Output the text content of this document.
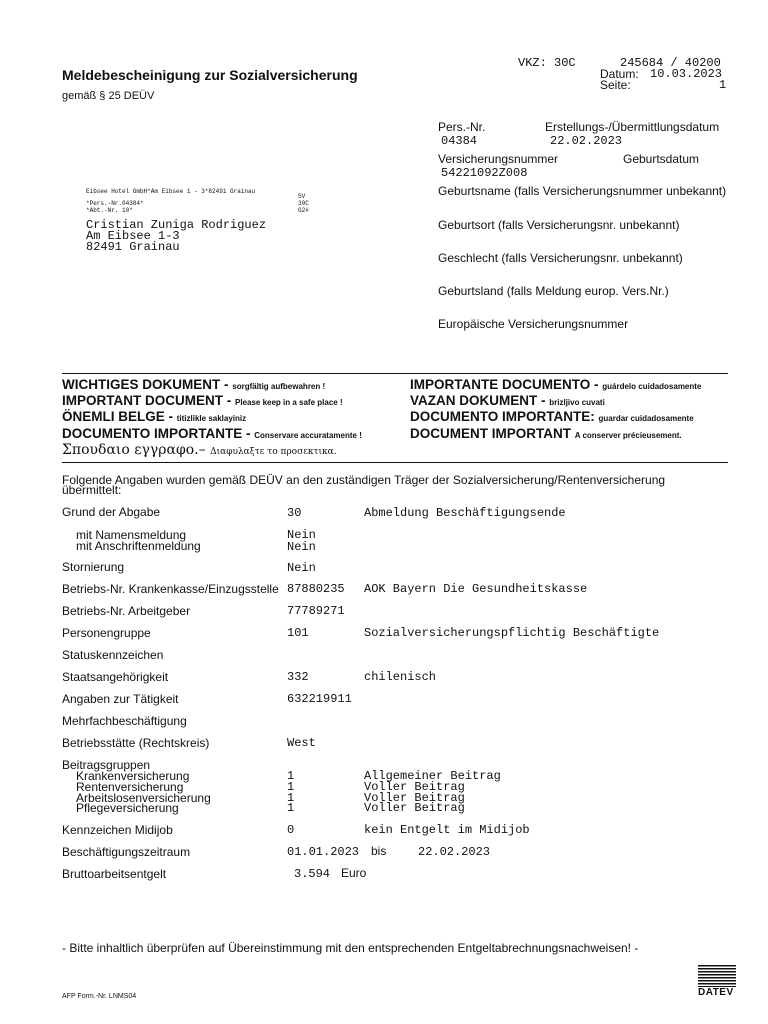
VKZ: 30C	245684 / 40200
Datum: 10.03.2023
Seite:	1
Meldebescheinigung zur Sozialversicherung
gemäß § 25 DEÜV
Pers.-Nr.
04384
Erstellungs-/Übermittlungsdatum
22.02.2023
Versicherungsnummer	Geburtsdatum
54221092Z008
Geburtsname (falls Versicherungsnummer unbekannt)
Geburtsort (falls Versicherungsnr. unbekannt)
Geschlecht (falls Versicherungsnr. unbekannt)
Geburtsland (falls Meldung europ. Vers.Nr.)
Europäische Versicherungsnummer
Eibsee Hotel GmbH*Am Eibsee 1 - 3*82491 Grainau
*Pers.-Nr.04384*
*Abt.-Nr. 10*
SV
30C
G2#
Cristian Zuniga Rodriguez
Am Eibsee 1-3
82491 Grainau
WICHTIGES DOKUMENT - sorgfältig aufbewahren !
IMPORTANT DOCUMENT - Please keep in a safe place !
ÖNEMLI BELGE - titizlikle saklayiniz
DOCUMENTO IMPORTANTE - Conservare accuratamente !
Σπουδαιο εγγραφο.– Διαφυλαξτε το προσεκτικα.
IMPORTANTE DOCUMENTO - guárdelo cuidadosamente
VAZAN DOKUMENT - brizljivo cuvati
DOCUMENTO IMPORTANTE: guardar cuidadosamente
DOCUMENT IMPORTANT A conserver précieusement.
Folgende Angaben wurden gemäß DEÜV an den zuständigen Träger der Sozialversicherung/Rentenversicherung
übermittelt:
Grund der Abgabe	30	Abmeldung Beschäftigungsende
mit Namensmeldung	Nein
mit Anschriftenmeldung	Nein
Stornierung	Nein
Betriebs-Nr. Krankenkasse/Einzugsstelle 87880235 AOK Bayern Die Gesundheitskasse
Betriebs-Nr. Arbeitgeber	77789271
Personengruppe	101	Sozialversicherungspflichtig Beschäftigte
Statuskennzeichen
Staatsangehörigkeit	332	chilenisch
Angaben zur Tätigkeit	632219911
Mehrfachbeschäftigung
Betriebsstätte (Rechtskreis)	West
Beitragsgruppen
Krankenversicherung	1	Allgemeiner Beitrag
Rentenversicherung	1	Voller Beitrag
Arbeitslosenversicherung	1	Voller Beitrag
Pflegeversicherung	1	Voller Beitrag
Kennzeichen Midijob	0	kein Entgelt im Midijob
Beschäftigungszeitraum	01.01.2023 bis	22.02.2023
Bruttoarbeitsentgelt	3.594 Euro
- Bitte inhaltlich überprüfen auf Übereinstimmung mit den entsprechenden Entgeltabrechnungsnachweisen! -
AFP Form.-Nr. LNMS04	DATEV
